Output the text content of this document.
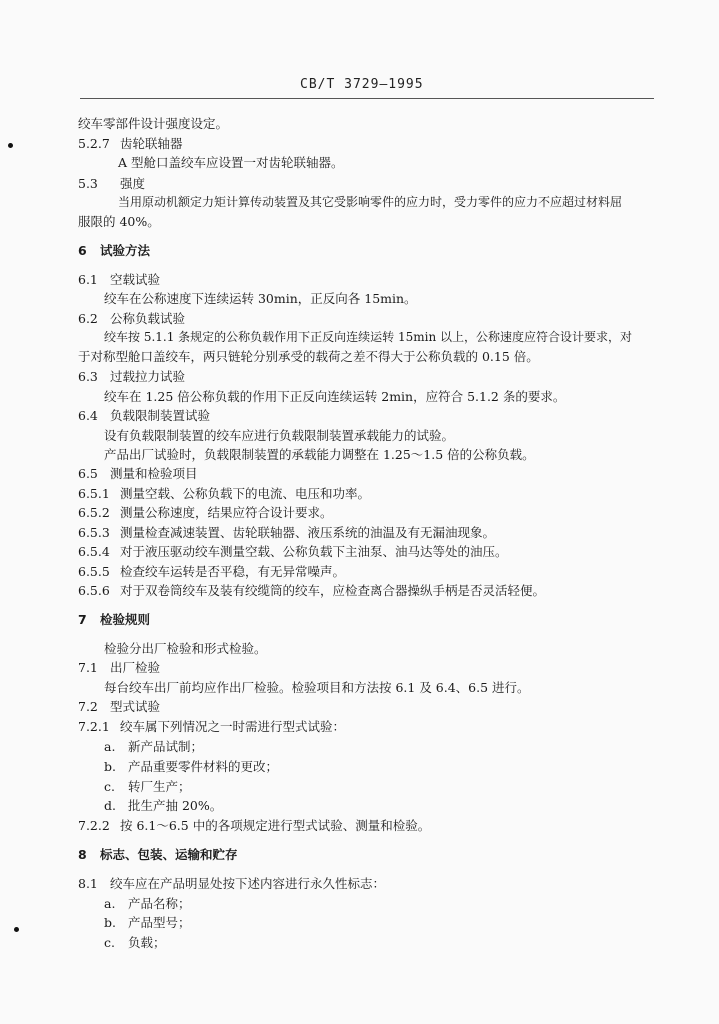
CB/T 3729—1995
绞车零部件设计强度设定。
5.2.7 齿轮联轴器
A 型舱口盖绞车应设置一对齿轮联轴器。
5.3 强度
当用原动机额定力矩计算传动装置及其它受影响零件的应力时，受力零件的应力不应超过材料屈
服限的 40%。
6 试验方法
6.1 空载试验
绞车在公称速度下连续运转 30min，正反向各 15min。
6.2 公称负载试验
绞车按 5.1.1 条规定的公称负载作用下正反向连续运转 15min 以上，公称速度应符合设计要求，对
于对称型舱口盖绞车，两只链轮分别承受的载荷之差不得大于公称负载的 0.15 倍。
6.3 过载拉力试验
绞车在 1.25 倍公称负载的作用下正反向连续运转 2min，应符合 5.1.2 条的要求。
6.4 负载限制装置试验
设有负载限制装置的绞车应进行负载限制装置承载能力的试验。
产品出厂试验时，负载限制装置的承载能力调整在 1.25～1.5 倍的公称负载。
6.5 测量和检验项目
6.5.1 测量空载、公称负载下的电流、电压和功率。
6.5.2 测量公称速度，结果应符合设计要求。
6.5.3 测量检查减速装置、齿轮联轴器、液压系统的油温及有无漏油现象。
6.5.4 对于液压驱动绞车测量空载、公称负载下主油泵、油马达等处的油压。
6.5.5 检查绞车运转是否平稳，有无异常噪声。
6.5.6 对于双卷筒绞车及装有绞缆筒的绞车，应检查离合器操纵手柄是否灵活轻便。
7 检验规则
检验分出厂检验和形式检验。
7.1 出厂检验
每台绞车出厂前均应作出厂检验。检验项目和方法按 6.1 及 6.4、6.5 进行。
7.2 型式试验
7.2.1 绞车属下列情况之一时需进行型式试验：
a. 新产品试制；
b. 产品重要零件材料的更改；
c. 转厂生产；
d. 批生产抽 20%。
7.2.2 按 6.1～6.5 中的各项规定进行型式试验、测量和检验。
8 标志、包装、运输和贮存
8.1 绞车应在产品明显处按下述内容进行永久性标志：
a. 产品名称；
b. 产品型号；
c. 负载；
